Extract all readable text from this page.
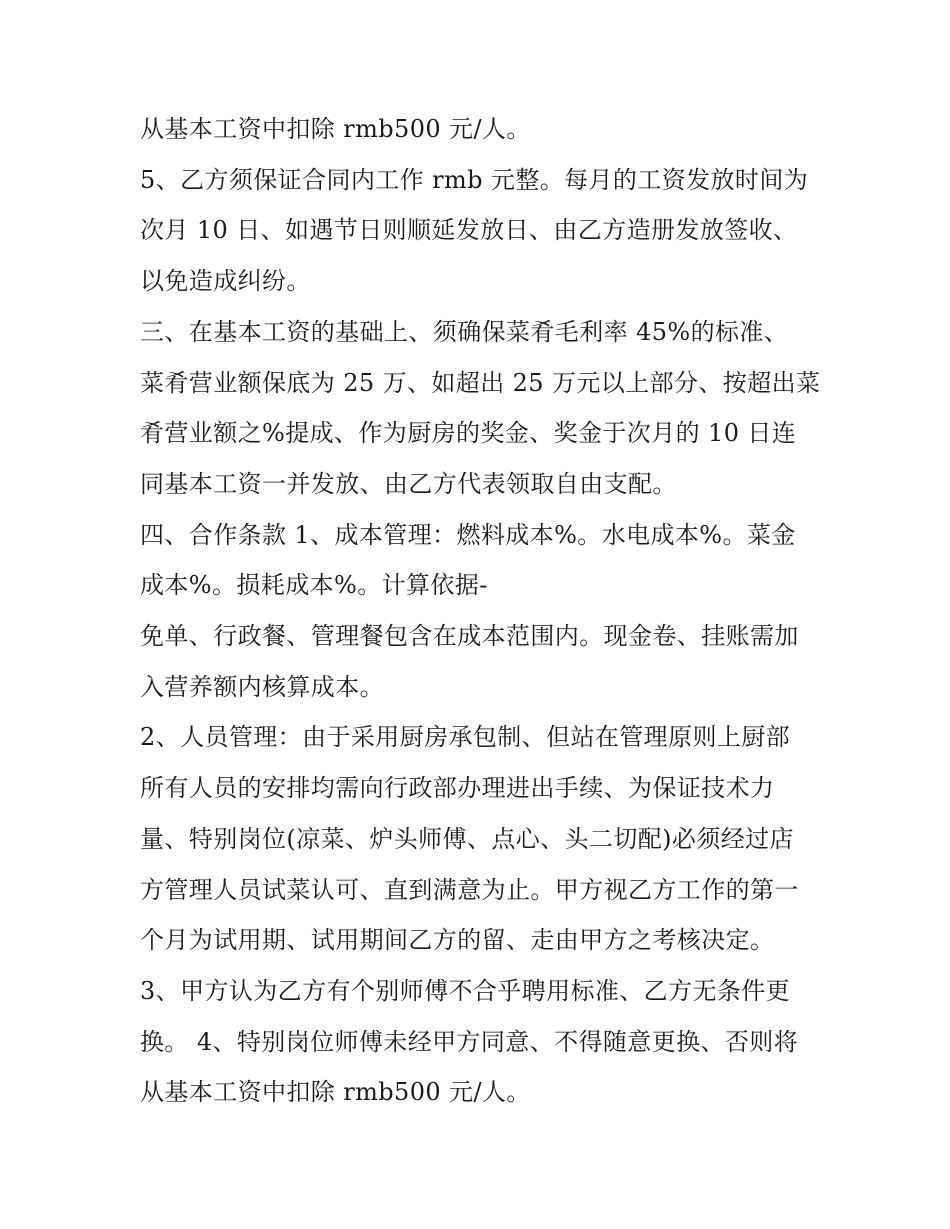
从基本工资中扣除 rmb500 元/人。

5、乙方须保证合同内工作 rmb 元整。每月的工资发放时间为

次月 10 日、如遇节日则顺延发放日、由乙方造册发放签收、

以免造成纠纷。

三、在基本工资的基础上、须确保菜肴毛利率 45%的标准、

菜肴营业额保底为 25 万、如超出 25 万元以上部分、按超出菜

肴营业额之%提成、作为厨房的奖金、奖金于次月的 10 日连

同基本工资一并发放、由乙方代表领取自由支配。

四、合作条款 1、成本管理：燃料成本%。水电成本%。菜金

成本%。损耗成本%。计算依据-

免单、行政餐、管理餐包含在成本范围内。现金卷、挂账需加

入营养额内核算成本。

2、人员管理：由于采用厨房承包制、但站在管理原则上厨部

所有人员的安排均需向行政部办理进出手续、为保证技术力

量、特别岗位(凉菜、炉头师傅、点心、头二切配)必须经过店

方管理人员试菜认可、直到满意为止。甲方视乙方工作的第一

个月为试用期、试用期间乙方的留、走由甲方之考核决定。

3、甲方认为乙方有个别师傅不合乎聘用标准、乙方无条件更

换。 4、特别岗位师傅未经甲方同意、不得随意更换、否则将

从基本工资中扣除 rmb500 元/人。
